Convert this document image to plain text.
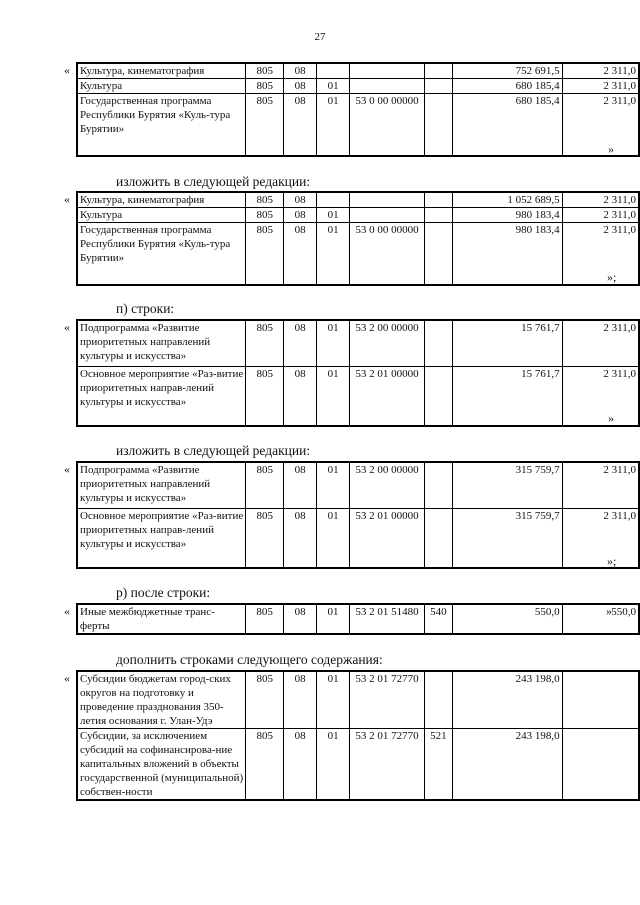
27
« Культура, кинематография	805	08				752 691,5	2 311,0
Культура	805	08	01			680 185,4	2 311,0
Государственная программа Республики Бурятия «Куль-тура Бурятии»	805	08	01	53 0 00 00000		680 185,4	2 311,0
»
изложить в следующей редакции:
« Культура, кинематография	805	08				1 052 689,5	2 311,0
Культура	805	08	01			980 183,4	2 311,0
Государственная программа Республики Бурятия «Куль-тура Бурятии»	805	08	01	53 0 00 00000		980 183,4	2 311,0
»;
п) строки:
« Подпрограмма «Развитие приоритетных направлений культуры и искусства»	805	08	01	53 2 00 00000		15 761,7	2 311,0
Основное мероприятие «Раз-витие приоритетных направ-лений культуры и искусства»	805	08	01	53 2 01 00000		15 761,7	2 311,0
»
изложить в следующей редакции:
« Подпрограмма «Развитие приоритетных направлений культуры и искусства»	805	08	01	53 2 00 00000		315 759,7	2 311,0
Основное мероприятие «Раз-витие приоритетных направ-лений культуры и искусства»	805	08	01	53 2 01 00000		315 759,7	2 311,0
»;
р) после строки:
« Иные межбюджетные транс-ферты	805	08	01	53 2 01 51480	540	550,0	550,0
»
дополнить строками следующего содержания:
« Субсидии бюджетам город-ских округов на подготовку и проведение празднования 350-летия основания г. Улан-Удэ	805	08	01	53 2 01 72770		243 198,0	
Субсидии, за исключением субсидий на софинансирова-ние капитальных вложений в объекты государственной (муниципальной) собствен-ности	805	08	01	53 2 01 72770	521	243 198,0	
